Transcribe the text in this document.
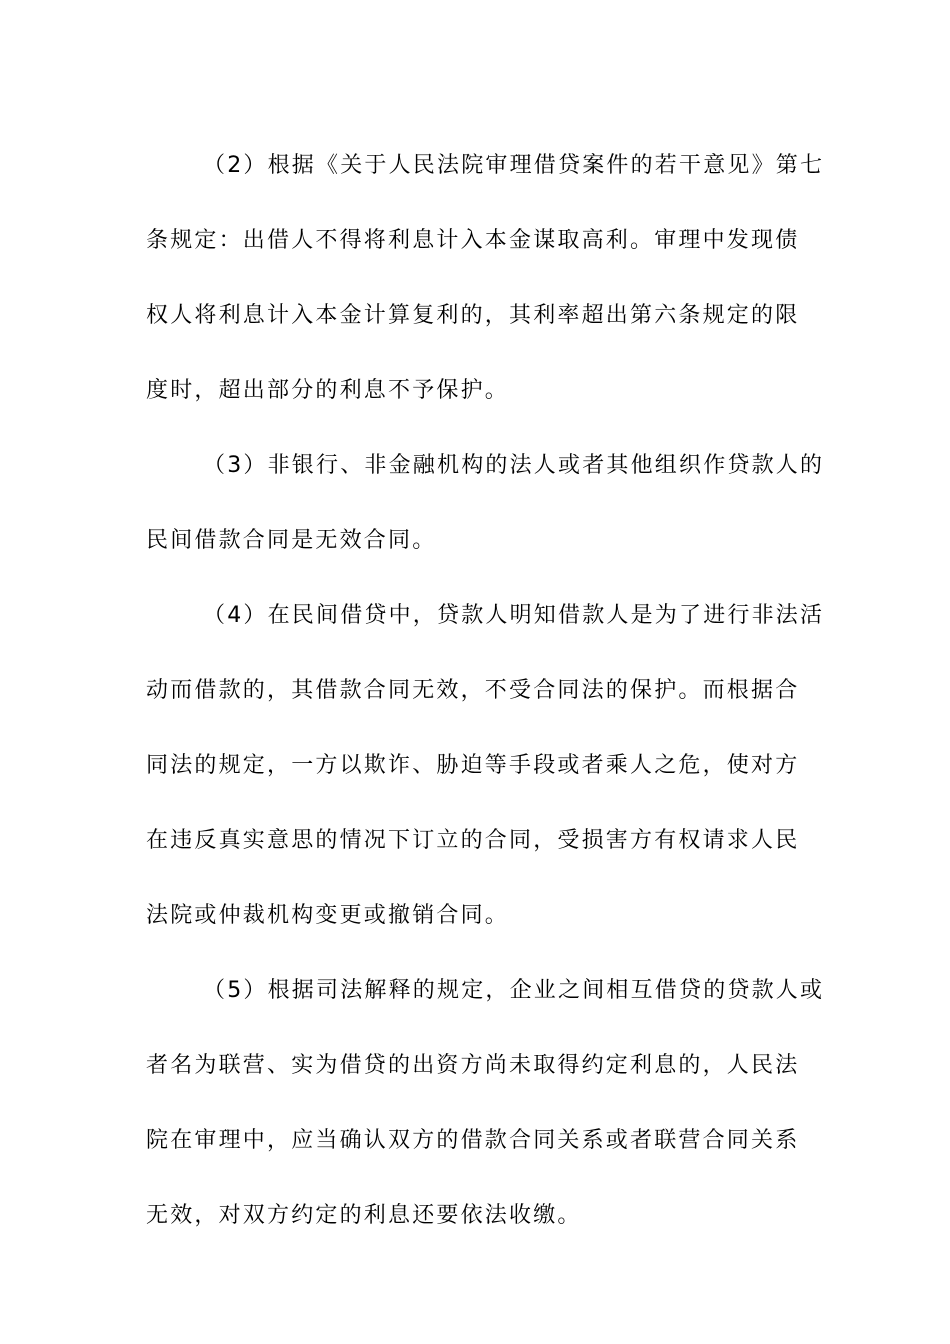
（2）根据《关于人民法院审理借贷案件的若干意见》第七
条规定：出借人不得将利息计入本金谋取高利。审理中发现债
权人将利息计入本金计算复利的，其利率超出第六条规定的限
度时，超出部分的利息不予保护。

（3）非银行、非金融机构的法人或者其他组织作贷款人的
民间借款合同是无效合同。

（4）在民间借贷中，贷款人明知借款人是为了进行非法活
动而借款的，其借款合同无效，不受合同法的保护。而根据合
同法的规定，一方以欺诈、胁迫等手段或者乘人之危，使对方
在违反真实意思的情况下订立的合同，受损害方有权请求人民
法院或仲裁机构变更或撤销合同。

（5）根据司法解释的规定，企业之间相互借贷的贷款人或
者名为联营、实为借贷的出资方尚未取得约定利息的，人民法
院在审理中，应当确认双方的借款合同关系或者联营合同关系
无效，对双方约定的利息还要依法收缴。
